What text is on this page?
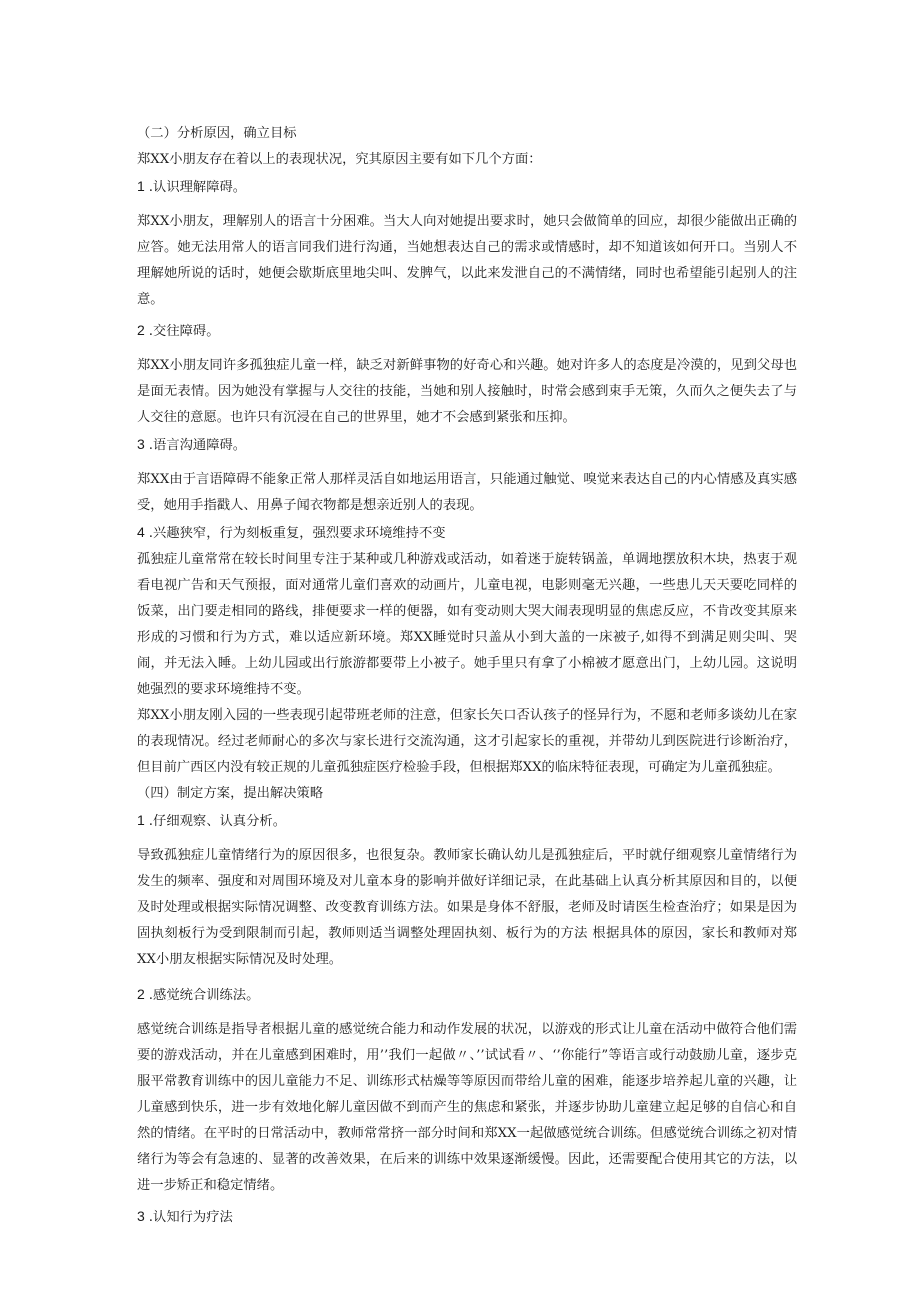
（二）分析原因，确立目标

郑XX小朋友存在着以上的表现状况，究其原因主要有如下几个方面：

1 .认识理解障碍。

郑XX小朋友，理解别人的语言十分困难。当大人向对她提出要求时，她只会做简单的回应，却很少能做出正确的应答。她无法用常人的语言同我们进行沟通，当她想表达自己的需求或情感时，却不知道该如何开口。当别人不理解她所说的话时，她便会歇斯底里地尖叫、发脾气，以此来发泄自己的不满情绪，同时也希望能引起别人的注意。

2 .交往障碍。

郑XX小朋友同许多孤独症儿童一样，缺乏对新鲜事物的好奇心和兴趣。她对许多人的态度是冷漠的，见到父母也是面无表情。因为她没有掌握与人交往的技能，当她和别人接触时，时常会感到束手无策，久而久之便失去了与人交往的意愿。也许只有沉浸在自己的世界里，她才不会感到紧张和压抑。

3 .语言沟通障碍。

郑XX由于言语障碍不能象正常人那样灵活自如地运用语言，只能通过触觉、嗅觉来表达自己的内心情感及真实感受，她用手指戳人、用鼻子闻衣物都是想亲近别人的表现。

4 .兴趣狭窄，行为刻板重复，强烈要求环境维持不变

孤独症儿童常常在较长时间里专注于某种或几种游戏或活动，如着迷于旋转锅盖，单调地摆放积木块，热衷于观看电视广告和天气预报，面对通常儿童们喜欢的动画片，儿童电视，电影则毫无兴趣，一些患儿天天要吃同样的饭菜，出门要走相同的路线，排便要求一样的便器，如有变动则大哭大闹表现明显的焦虑反应，不肯改变其原来形成的习惯和行为方式，难以适应新环境。郑XX睡觉时只盖从小到大盖的一床被子,如得不到满足则尖叫、哭闹，并无法入睡。上幼儿园或出行旅游都要带上小被子。她手里只有拿了小棉被才愿意出门，上幼儿园。这说明她强烈的要求环境维持不变。

郑XX小朋友刚入园的一些表现引起带班老师的注意，但家长矢口否认孩子的怪异行为，不愿和老师多谈幼儿在家的表现情况。经过老师耐心的多次与家长进行交流沟通，这才引起家长的重视，并带幼儿到医院进行诊断治疗，但目前广西区内没有较正规的儿童孤独症医疗检验手段，但根据郑XX的临床特征表现，可确定为儿童孤独症。

（四）制定方案，提出解决策略

1 .仔细观察、认真分析。

导致孤独症儿童情绪行为的原因很多，也很复杂。教师家长确认幼儿是孤独症后，平时就仔细观察儿童情绪行为发生的频率、强度和对周围环境及对儿童本身的影响并做好详细记录，在此基础上认真分析其原因和目的，以便及时处理或根据实际情况调整、改变教育训练方法。如果是身体不舒服，老师及时请医生检查治疗；如果是因为固执刻板行为受到限制而引起，教师则适当调整处理固执刻、板行为的方法 根据具体的原因，家长和教师对郑XX小朋友根据实际情况及时处理。

2 .感觉统合训练法。

感觉统合训练是指导者根据儿童的感觉统合能力和动作发展的状况，以游戏的形式让儿童在活动中做符合他们需要的游戏活动，并在儿童感到困难时，用’’我们一起做〃、’’试试看〃、‘’你能行”等语言或行动鼓励儿童，逐步克服平常教育训练中的因儿童能力不足、训练形式枯燥等等原因而带给儿童的困难，能逐步培养起儿童的兴趣，让儿童感到快乐，进一步有效地化解儿童因做不到而产生的焦虑和紧张，并逐步协助儿童建立起足够的自信心和自然的情绪。在平时的日常活动中，教师常常挤一部分时间和郑XX一起做感觉统合训练。但感觉统合训练之初对情绪行为等会有急速的、显著的改善效果，在后来的训练中效果逐渐缓慢。因此，还需要配合使用其它的方法，以进一步矫正和稳定情绪。

3 .认知行为疗法
